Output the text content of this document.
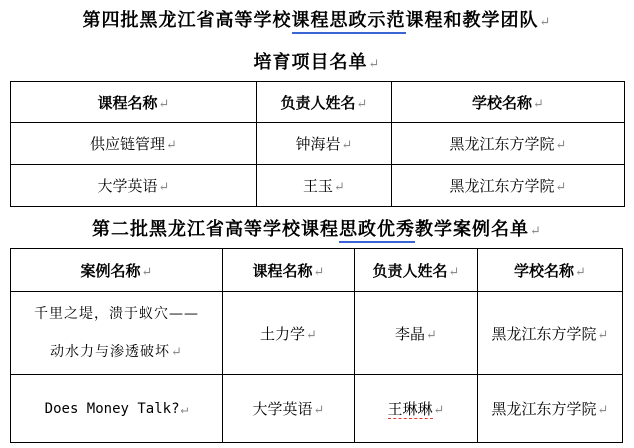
第四批黑龙江省高等学校课程思政示范课程和教学团队↵
培育项目名单↵
课程名称↵	负责人姓名↵	学校名称↵
供应链管理↵	钟海岩↵	黑龙江东方学院↵
大学英语↵	王玉↵	黑龙江东方学院↵
第二批黑龙江省高等学校课程思政优秀教学案例名单↵
案例名称↵	课程名称↵	负责人姓名↵	学校名称↵

千里之堤，溃于蚁穴——
动水力与渗透破坏↵	土力学↵	李晶↵	黑龙江东方学院↵
Does Money Talk?↵	大学英语↵	王琳琳↵	黑龙江东方学院↵
